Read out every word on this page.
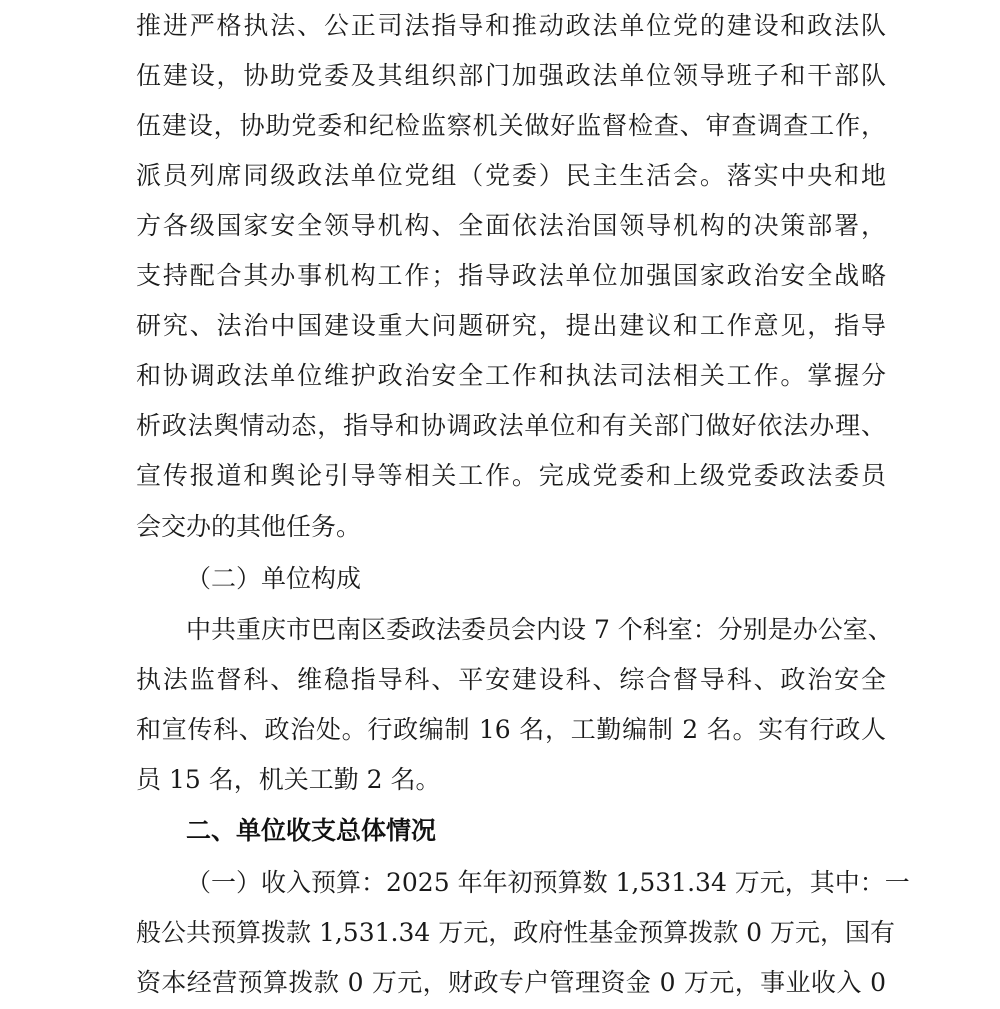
推进严格执法、公正司法指导和推动政法单位党的建设和政法队

伍建设，协助党委及其组织部门加强政法单位领导班子和干部队

伍建设，协助党委和纪检监察机关做好监督检查、审查调查工作，

派员列席同级政法单位党组（党委）民主生活会。落实中央和地

方各级国家安全领导机构、全面依法治国领导机构的决策部署，

支持配合其办事机构工作；指导政法单位加强国家政治安全战略

研究、法治中国建设重大问题研究，提出建议和工作意见，指导

和协调政法单位维护政治安全工作和执法司法相关工作。掌握分

析政法舆情动态，指导和协调政法单位和有关部门做好依法办理、

宣传报道和舆论引导等相关工作。完成党委和上级党委政法委员

会交办的其他任务。

（二）单位构成

中共重庆市巴南区委政法委员会内设 7 个科室：分别是办公室、

执法监督科、维稳指导科、平安建设科、综合督导科、政治安全

和宣传科、政治处。行政编制 16 名，工勤编制 2 名。实有行政人

员 15 名，机关工勤 2 名。

二、单位收支总体情况

（一）收入预算：2025 年年初预算数 1,531.34 万元，其中：一

般公共预算拨款 1,531.34 万元，政府性基金预算拨款 0 万元，国有

资本经营预算拨款 0 万元，财政专户管理资金 0 万元，事业收入 0
